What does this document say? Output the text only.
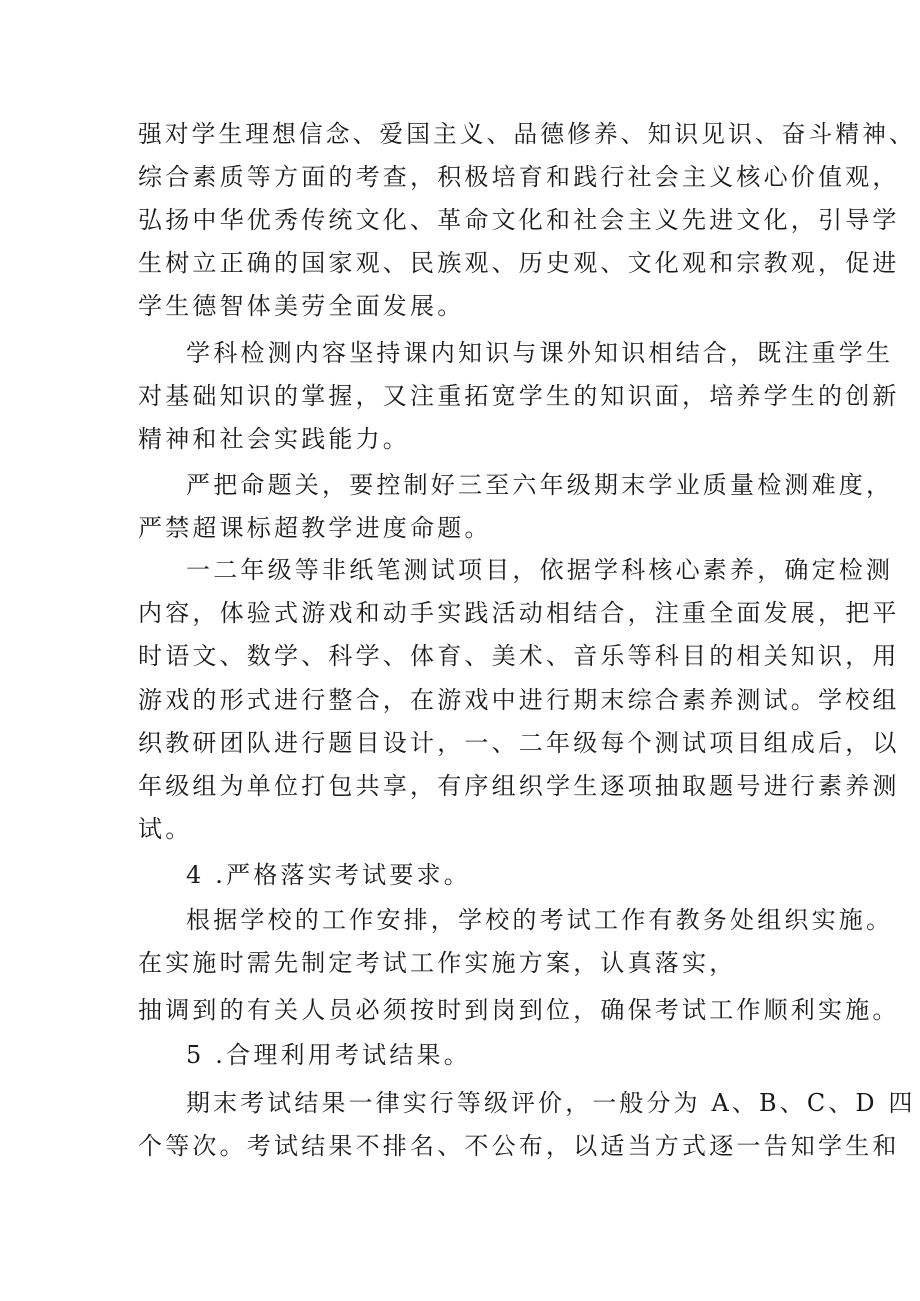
强对学生理想信念、爱国主义、品德修养、知识见识、奋斗精神、
综合素质等方面的考查，积极培育和践行社会主义核心价值观，
弘扬中华优秀传统文化、革命文化和社会主义先进文化，引导学
生树立正确的国家观、民族观、历史观、文化观和宗教观，促进
学生德智体美劳全面发展。
学科检测内容坚持课内知识与课外知识相结合，既注重学生
对基础知识的掌握，又注重拓宽学生的知识面，培养学生的创新
精神和社会实践能力。
严把命题关，要控制好三至六年级期末学业质量检测难度，
严禁超课标超教学进度命题。
一二年级等非纸笔测试项目，依据学科核心素养，确定检测
内容，体验式游戏和动手实践活动相结合，注重全面发展，把平
时语文、数学、科学、体育、美术、音乐等科目的相关知识，用
游戏的形式进行整合，在游戏中进行期末综合素养测试。学校组
织教研团队进行题目设计，一、二年级每个测试项目组成后，以
年级组为单位打包共享，有序组织学生逐项抽取题号进行素养测
试。
4 .严格落实考试要求。
根据学校的工作安排，学校的考试工作有教务处组织实施。
在实施时需先制定考试工作实施方案，认真落实，
抽调到的有关人员必须按时到岗到位，确保考试工作顺利实施。
5 .合理利用考试结果。
期末考试结果一律实行等级评价，一般分为 A、B、C、D 四
个等次。考试结果不排名、不公布，以适当方式逐一告知学生和
